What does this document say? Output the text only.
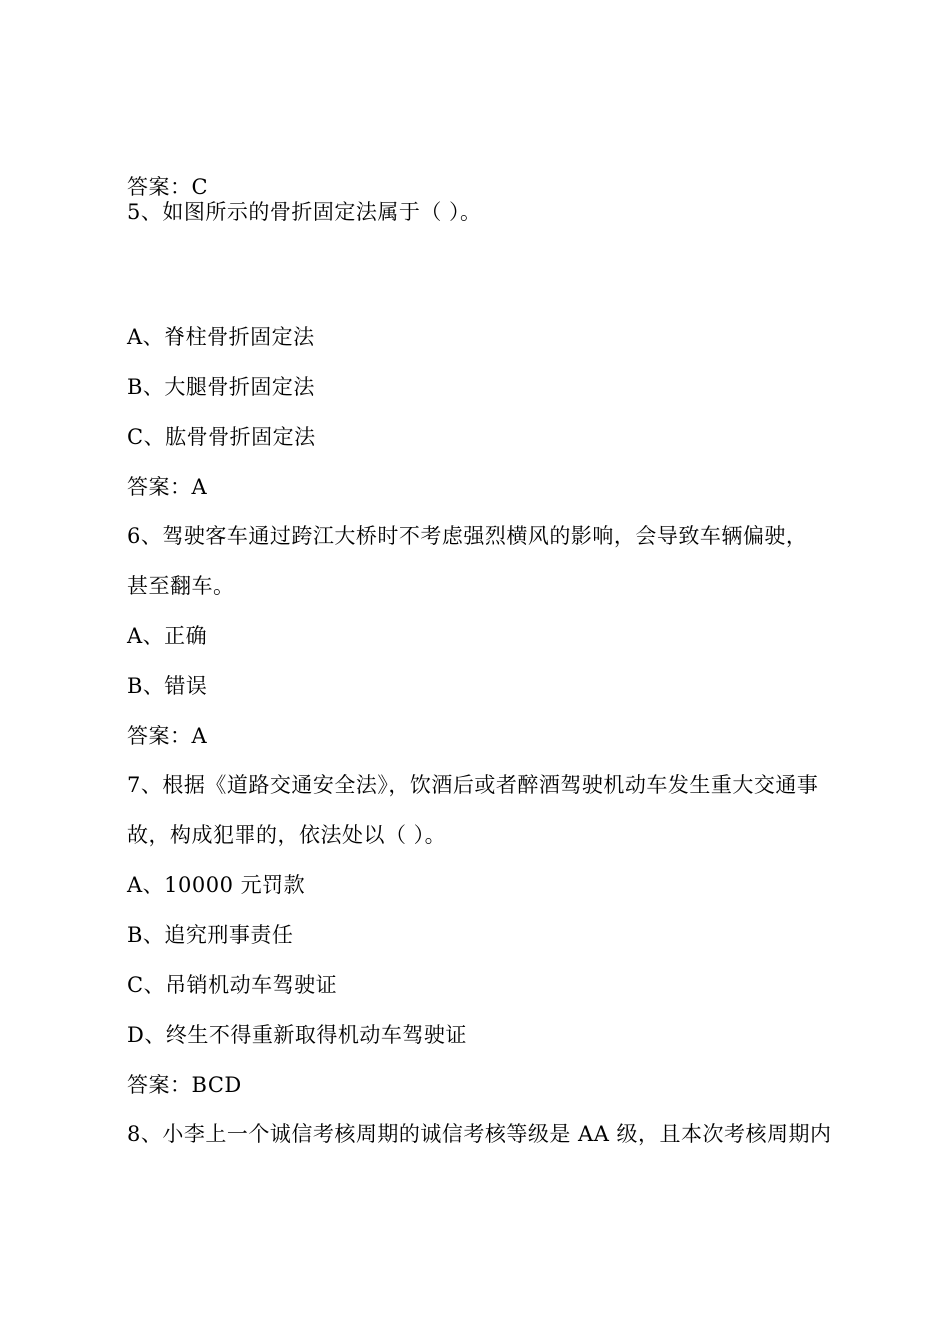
答案：C
5、如图所示的骨折固定法属于（ ）。
A、脊柱骨折固定法
B、大腿骨折固定法
C、肱骨骨折固定法
答案：A
6、驾驶客车通过跨江大桥时不考虑强烈横风的影响，会导致车辆偏驶，
甚至翻车。
A、正确
B、错误
答案：A
7、根据《道路交通安全法》，饮酒后或者醉酒驾驶机动车发生重大交通事
故，构成犯罪的，依法处以（ ）。
A、10000 元罚款
B、追究刑事责任
C、吊销机动车驾驶证
D、终生不得重新取得机动车驾驶证
答案：BCD
8、小李上一个诚信考核周期的诚信考核等级是 AA 级，且本次考核周期内
